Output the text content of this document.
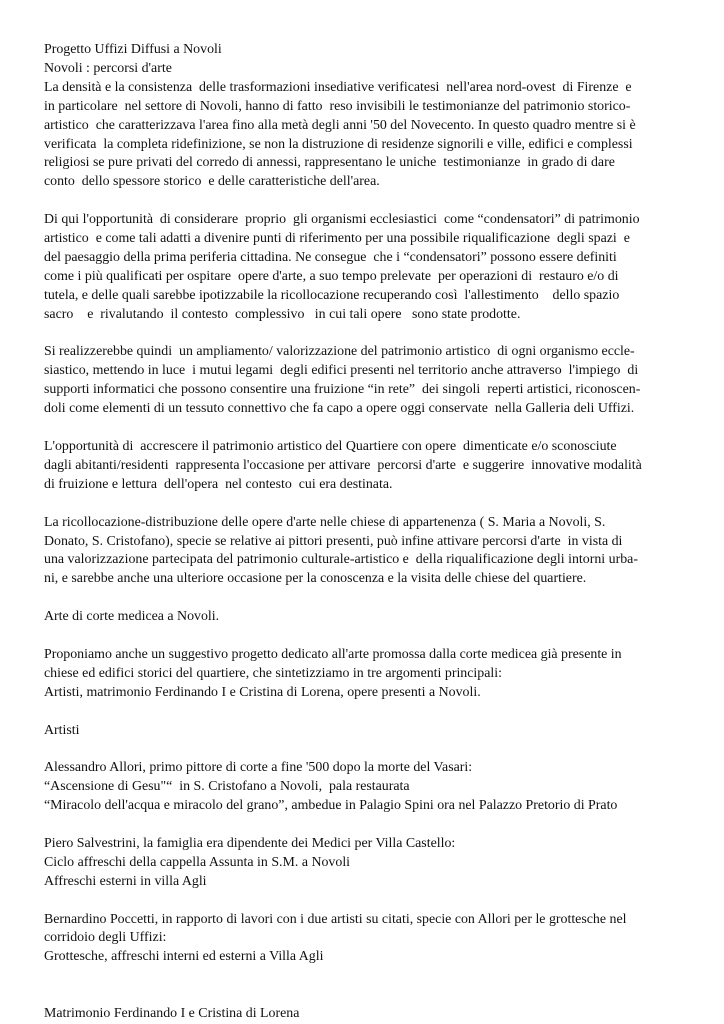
Progetto Uffizi Diffusi a Novoli
Novoli : percorsi d'arte
La densità e la consistenza  delle trasformazioni insediative verificatesi  nell'area nord-ovest  di Firenze  e
in particolare  nel settore di Novoli, hanno di fatto  reso invisibili le testimonianze del patrimonio storico-
artistico  che caratterizzava l'area fino alla metà degli anni '50 del Novecento. In questo quadro mentre si è
verificata  la completa ridefinizione, se non la distruzione di residenze signorili e ville, edifici e complessi
religiosi se pure privati del corredo di annessi, rappresentano le uniche  testimonianze  in grado di dare
conto  dello spessore storico  e delle caratteristiche dell'area.
Di qui l'opportunità  di considerare  proprio  gli organismi ecclesiastici  come “condensatori” di patrimonio
artistico  e come tali adatti a divenire punti di riferimento per una possibile riqualificazione  degli spazi  e
del paesaggio della prima periferia cittadina. Ne consegue  che i “condensatori” possono essere definiti
come i più qualificati per ospitare  opere d'arte, a suo tempo prelevate  per operazioni di  restauro e/o di
tutela, e delle quali sarebbe ipotizzabile la ricollocazione recuperando così  l'allestimento    dello spazio
sacro    e  rivalutando  il contesto  complessivo   in cui tali opere   sono state prodotte.
Si realizzerebbe quindi  un ampliamento/ valorizzazione del patrimonio artistico  di ogni organismo eccle-
siastico, mettendo in luce  i mutui legami  degli edifici presenti nel territorio anche attraverso  l'impiego  di
supporti informatici che possono consentire una fruizione “in rete”  dei singoli  reperti artistici, riconoscen-
doli come elementi di un tessuto connettivo che fa capo a opere oggi conservate  nella Galleria deli Uffizi.
L'opportunità di  accrescere il patrimonio artistico del Quartiere con opere  dimenticate e/o sconosciute
dagli abitanti/residenti  rappresenta l'occasione per attivare  percorsi d'arte  e suggerire  innovative modalità
di fruizione e lettura  dell'opera  nel contesto  cui era destinata.
La ricollocazione-distribuzione delle opere d'arte nelle chiese di appartenenza ( S. Maria a Novoli, S.
Donato, S. Cristofano), specie se relative ai pittori presenti, può infine attivare percorsi d'arte  in vista di
una valorizzazione partecipata del patrimonio culturale-artistico e  della riqualificazione degli intorni urba-
ni, e sarebbe anche una ulteriore occasione per la conoscenza e la visita delle chiese del quartiere.
Arte di corte medicea a Novoli.
Proponiamo anche un suggestivo progetto dedicato all'arte promossa dalla corte medicea già presente in
chiese ed edifici storici del quartiere, che sintetizziamo in tre argomenti principali:
Artisti, matrimonio Ferdinando I e Cristina di Lorena, opere presenti a Novoli.
Artisti
Alessandro Allori, primo pittore di corte a fine '500 dopo la morte del Vasari:
“Ascensione di Gesu"“  in S. Cristofano a Novoli,  pala restaurata
“Miracolo dell'acqua e miracolo del grano”, ambedue in Palagio Spini ora nel Palazzo Pretorio di Prato
Piero Salvestrini, la famiglia era dipendente dei Medici per Villa Castello:
Ciclo affreschi della cappella Assunta in S.M. a Novoli
Affreschi esterni in villa Agli
Bernardino Poccetti, in rapporto di lavori con i due artisti su citati, specie con Allori per le grottesche nel
corridoio degli Uffizi:
Grottesche, affreschi interni ed esterni a Villa Agli
Matrimonio Ferdinando I e Cristina di Lorena
